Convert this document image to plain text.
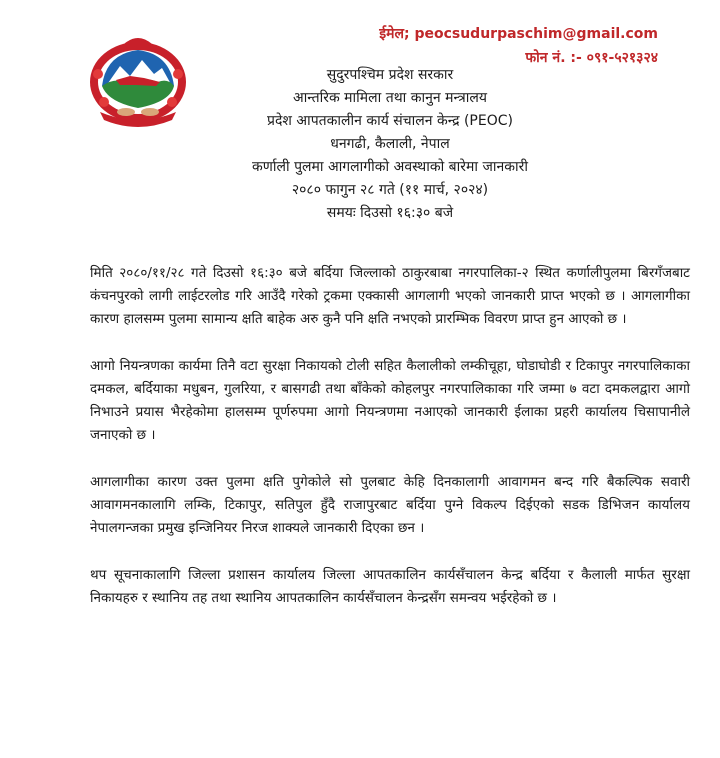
ईमेल; peocsudurpaschim@gmail.com
फोन नं. :- ०९१-५२१३२४
सुदुरपश्चिम प्रदेश सरकार
आन्तरिक मामिला तथा कानुन मन्त्रालय
प्रदेश आपतकालीन कार्य संचालन केन्द्र (PEOC)
धनगढी, कैलाली, नेपाल
कर्णाली पुलमा आगलागीको अवस्थाको बारेमा जानकारी
२०८० फागुन २८ गते (११ मार्च, २०२४)
समयः दिउसो १६:३० बजे

मिति २०८०/११/२८ गते दिउसो १६:३० बजे बर्दिया जिल्लाको ठाकुरबाबा नगरपालिका-२ स्थित कर्णालीपुलमा बिरगँजबाट कंचनपुरको लागी लाईटरलोड गरि आउँदै गरेको ट्रकमा एक्कासी आगलागी भएको जानकारी प्राप्त भएको छ । आगलागीका कारण हालसम्म पुलमा सामान्य क्षति बाहेक अरु कुनै पनि क्षति नभएको प्रारम्भिक विवरण प्राप्त हुन आएको छ ।

आगो नियन्त्रणका कार्यमा तिनै वटा सुरक्षा निकायको टोली सहित कैलालीको लम्कीचूहा, घोडाघोडी र टिकापुर नगरपालिकाका दमकल, बर्दियाका मधुबन, गुलरिया, र बासगढी तथा बाँकेको कोहलपुर नगरपालिकाका गरि जम्मा ७ वटा दमकलद्वारा आगो निभाउने प्रयास भैरहेकोमा हालसम्म पूर्णरुपमा आगो नियन्त्रणमा नआएको जानकारी ईलाका प्रहरी कार्यालय चिसापानीले जनाएको छ ।

आगलागीका कारण उक्त पुलमा क्षति पुगेकोले सो पुलबाट केहि दिनकालागी आवागमन बन्द गरि बैकल्पिक सवारी आवागमनकालागि लम्कि, टिकापुर, सतिपुल हुँदै राजापुरबाट बर्दिया पुग्ने विकल्प दिईएको सडक डिभिजन कार्यालय नेपालगन्जका प्रमुख इन्जिनियर निरज शाक्यले जानकारी दिएका छन ।

थप सूचनाकालागि जिल्ला प्रशासन कार्यालय जिल्ला आपतकालिन कार्यसँचालन केन्द्र बर्दिया र कैलाली मार्फत सुरक्षा निकायहरु र स्थानिय तह तथा स्थानिय आपतकालिन कार्यसँचालन केन्द्रसँग समन्वय भईरहेको छ ।
